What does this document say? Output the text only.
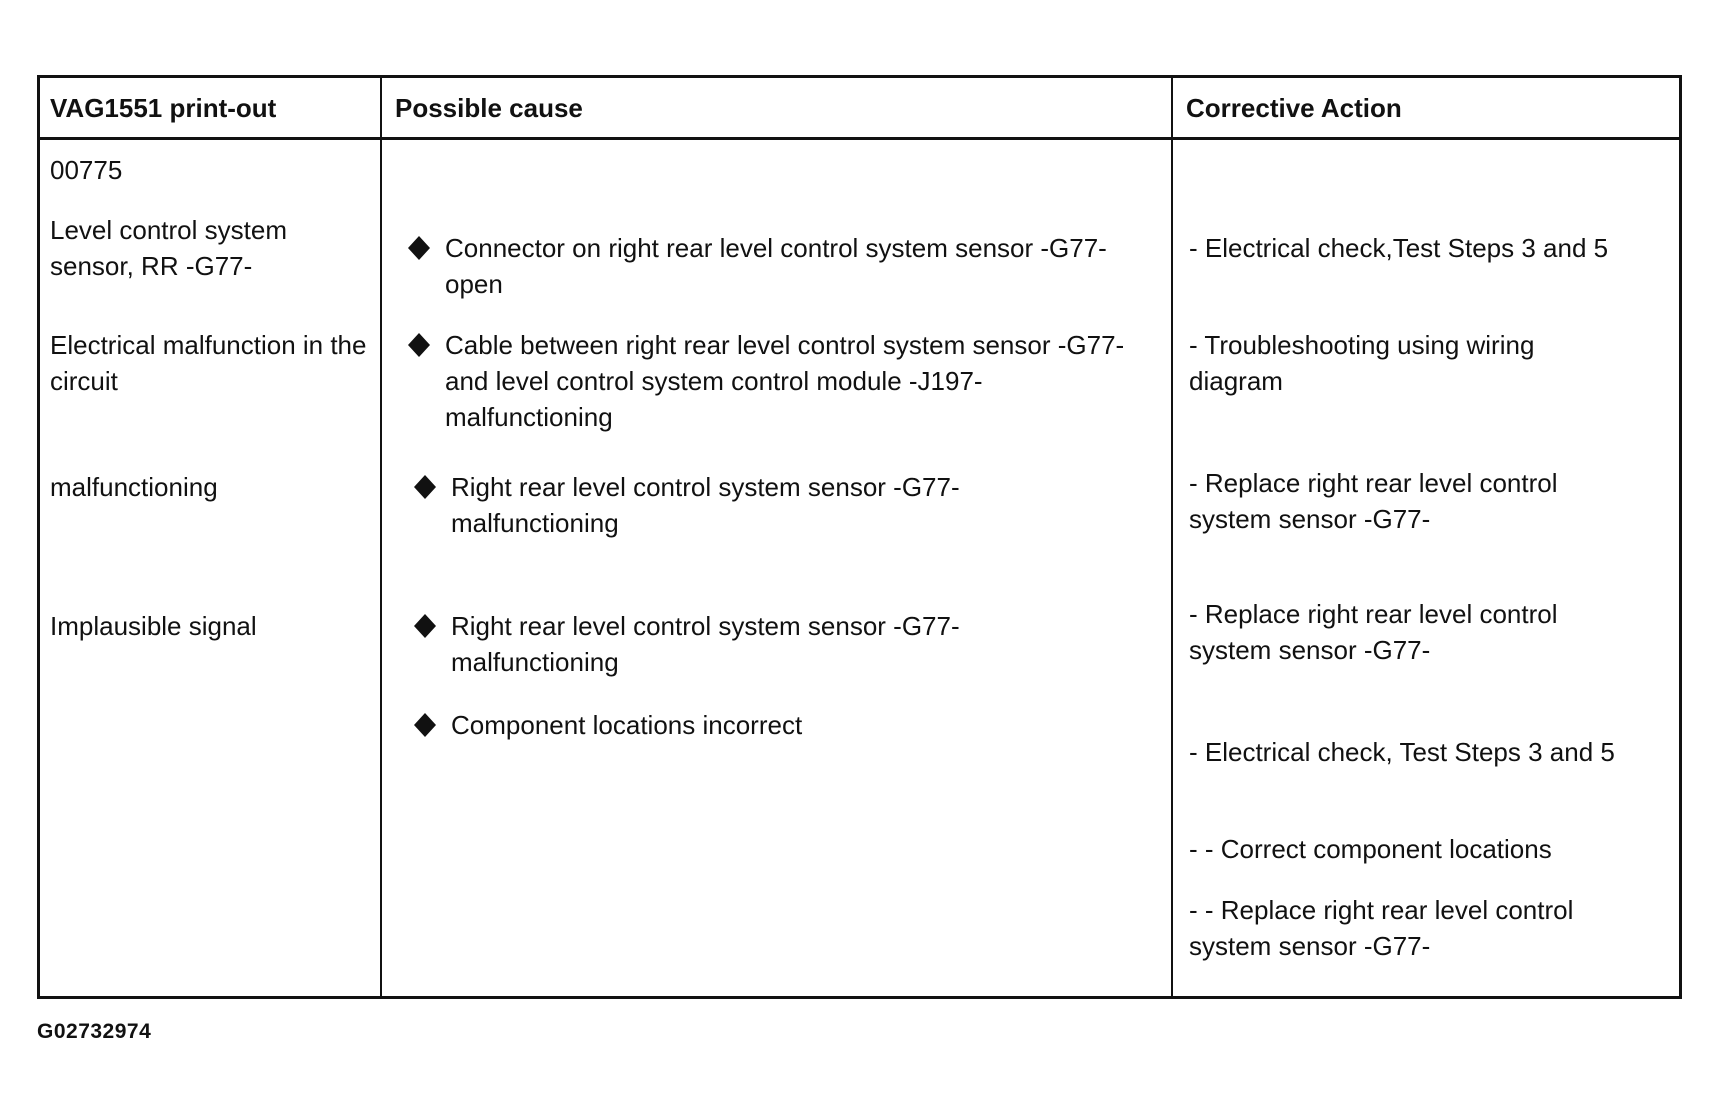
VAG1551 print-out	Possible cause	Corrective Action
00775
Level control system sensor, RR -G77-
Electrical malfunction in the circuit
malfunctioning
Implausible signal
Connector on right rear level control system sensor -G77- open
Cable between right rear level control system sensor -G77- and level control system control module -J197- malfunctioning
Right rear level control system sensor -G77- malfunctioning
Right rear level control system sensor -G77- malfunctioning
Component locations incorrect
- Electrical check,Test Steps 3 and 5
- Troubleshooting using wiring diagram
- Replace right rear level control system sensor -G77-
- Replace right rear level control system sensor -G77-
- Electrical check, Test Steps 3 and 5
- - Correct component locations
- - Replace right rear level control system sensor -G77-
G02732974
